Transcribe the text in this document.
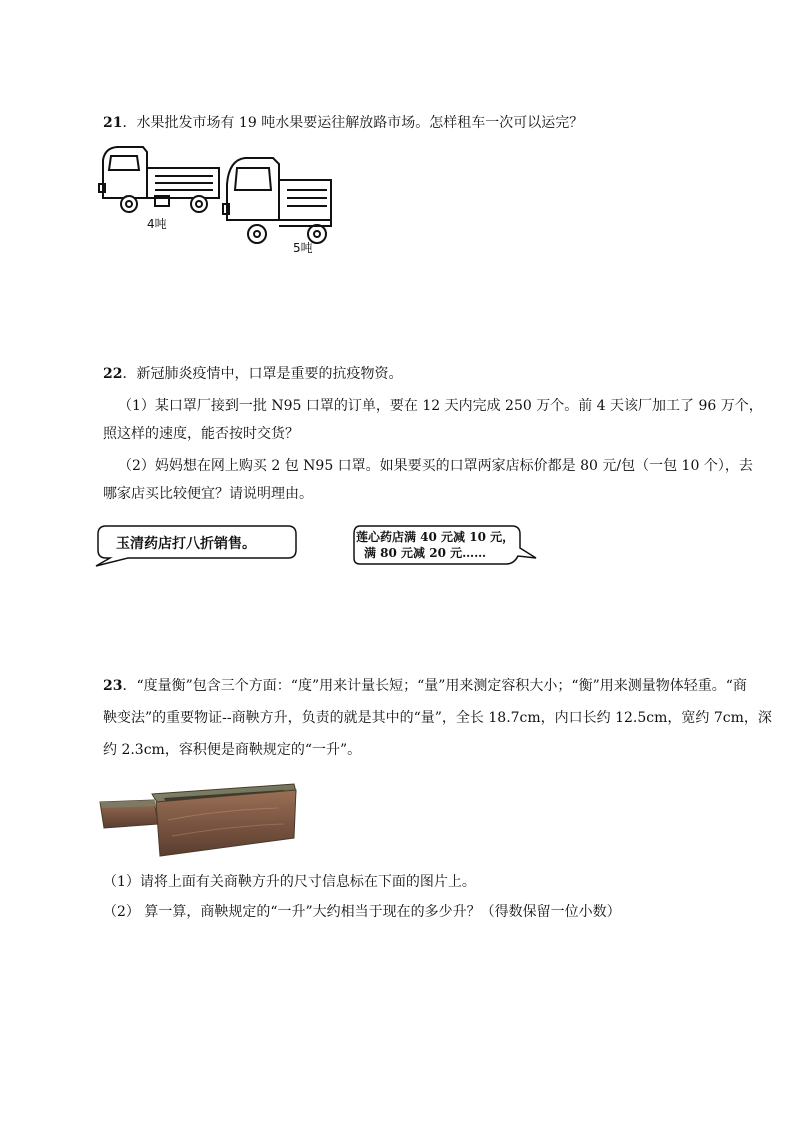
21．水果批发市场有 19 吨水果要运往解放路市场。怎样租车一次可以运完？
4吨
5吨
22．新冠肺炎疫情中，口罩是重要的抗疫物资。
（1）某口罩厂接到一批 N95 口罩的订单，要在 12 天内完成 250 万个。前 4 天该厂加工了 96 万个，
照这样的速度，能否按时交货？
（2）妈妈想在网上购买 2 包 N95 口罩。如果要买的口罩两家店标价都是 80 元/包（一包 10 个），去
哪家店买比较便宜？请说明理由。
玉清药店打八折销售。	莲心药店满 40 元减 10 元，
满 80 元减 20 元……
23．“度量衡”包含三个方面：“度”用来计量长短；“量”用来测定容积大小；“衡”用来测量物体轻重。“商
鞅变法”的重要物证--商鞅方升，负责的就是其中的“量”，全长 18.7cm，内口长约 12.5cm，宽约 7cm，深
约 2.3cm，容积便是商鞅规定的“一升”。
（1）请将上面有关商鞅方升的尺寸信息标在下面的图片上。
（2） 算一算，商鞅规定的“一升”大约相当于现在的多少升？（得数保留一位小数）
